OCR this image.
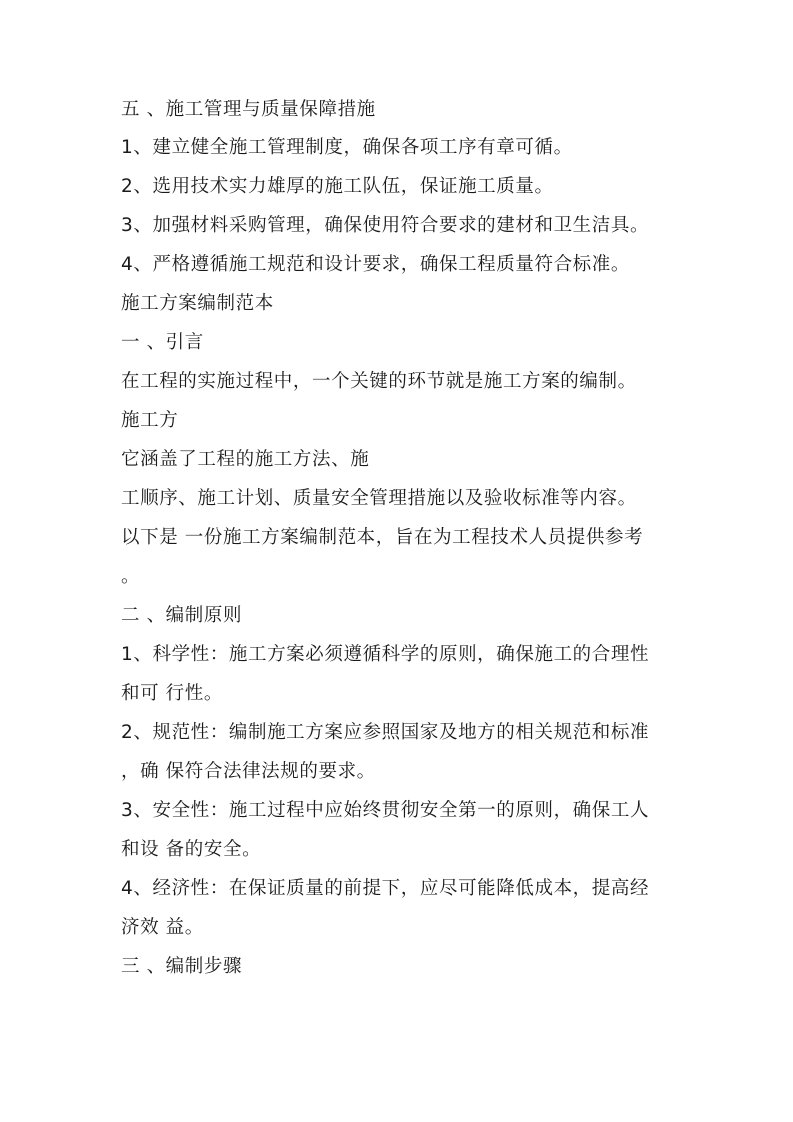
五 、施工管理与质量保障措施
1、建立健全施工管理制度，确保各项工序有章可循。
2、选用技术实力雄厚的施工队伍，保证施工质量。
3、加强材料采购管理，确保使用符合要求的建材和卫生洁具。
4、严格遵循施工规范和设计要求，确保工程质量符合标准。
施工方案编制范本
一 、引言
在工程的实施过程中，一个关键的环节就是施工方案的编制。
施工方
它涵盖了工程的施工方法、施
工顺序、施工计划、质量安全管理措施以及验收标准等内容。
以下是 一份施工方案编制范本，旨在为工程技术人员提供参考
。
二 、编制原则
1、科学性：施工方案必须遵循科学的原则，确保施工的合理性
和可 行性。
2、规范性：编制施工方案应参照国家及地方的相关规范和标准
，确 保符合法律法规的要求。
3、安全性：施工过程中应始终贯彻安全第一的原则，确保工人
和设 备的安全。
4、经济性：在保证质量的前提下，应尽可能降低成本，提高经
济效 益。
三 、编制步骤
